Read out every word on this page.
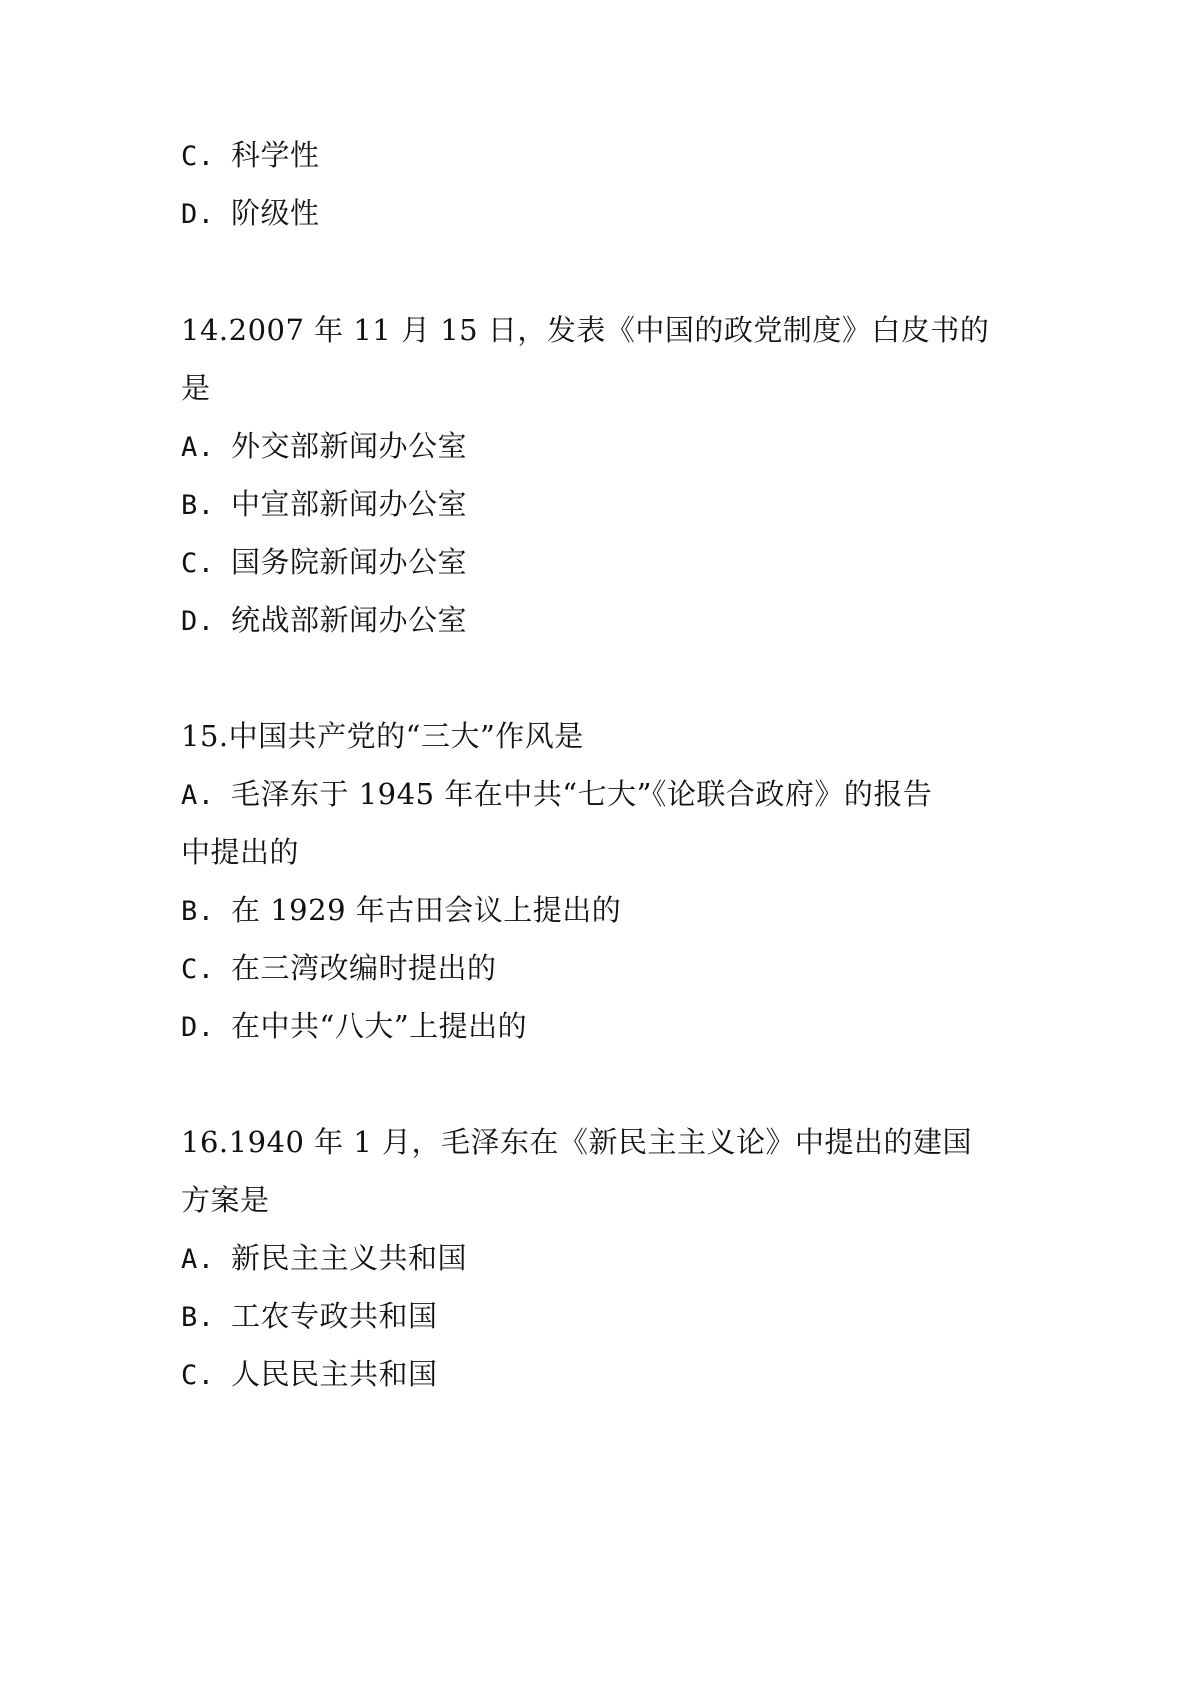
C. 科学性
D. 阶级性
14.2007 年 11 月 15 日，发表《中国的政党制度》白皮书的
是
A. 外交部新闻办公室
B. 中宣部新闻办公室
C. 国务院新闻办公室
D. 统战部新闻办公室
15.中国共产党的“三大”作风是
A. 毛泽东于 1945 年在中共“七大”《论联合政府》的报告
中提出的
B. 在 1929 年古田会议上提出的
C. 在三湾改编时提出的
D. 在中共“八大”上提出的
16.1940 年 1 月，毛泽东在《新民主主义论》中提出的建国
方案是
A. 新民主主义共和国
B. 工农专政共和国
C. 人民民主共和国
